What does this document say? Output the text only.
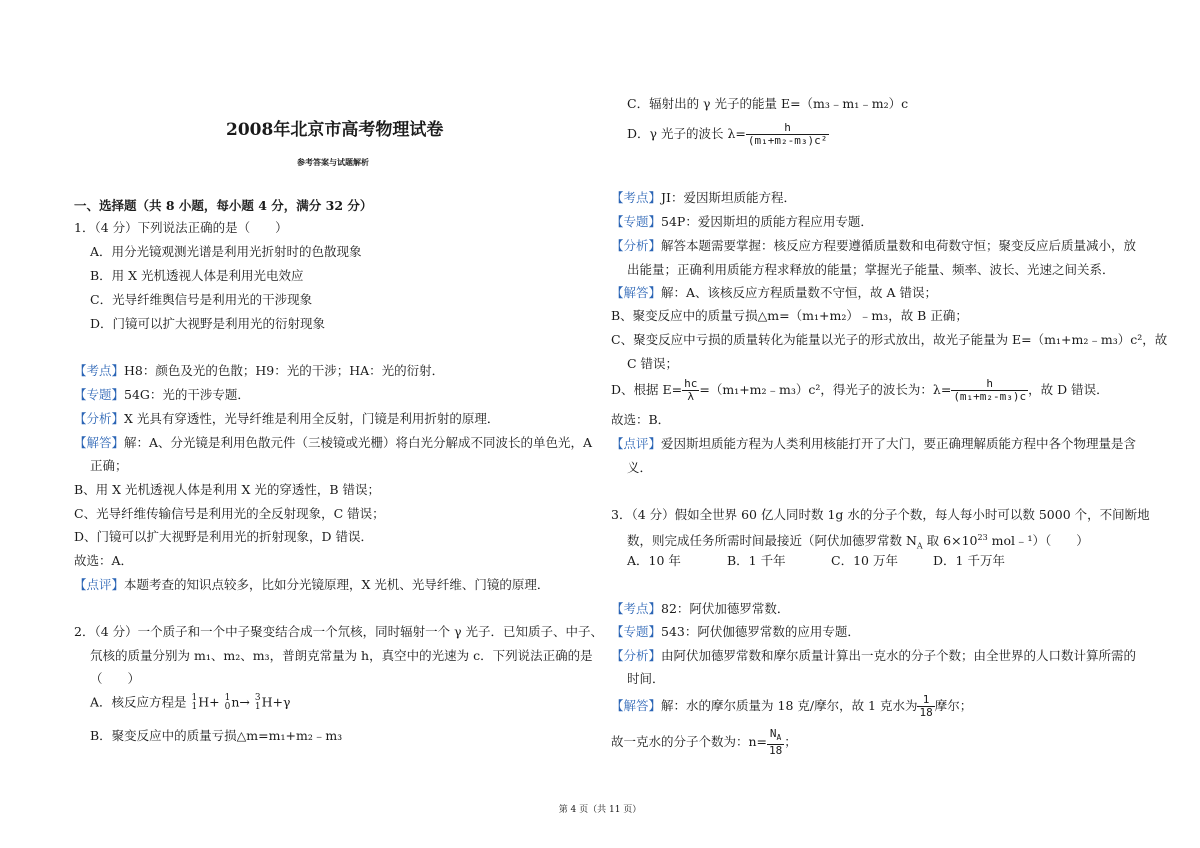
2008年北京市高考物理试卷
参考答案与试题解析
一、选择题（共 8 小题，每小题 4 分，满分 32 分）
1．（4 分）下列说法正确的是（　　）
A．用分光镜观测光谱是利用光折射时的色散现象
B．用 X 光机透视人体是利用光电效应
C．光导纤维舆信号是利用光的干涉现象
D．门镜可以扩大视野是利用光的衍射现象
【考点】H8：颜色及光的色散；H9：光的干涉；HA：光的衍射．
【专题】54G：光的干涉专题．
【分析】X 光具有穿透性，光导纤维是利用全反射，门镜是利用折射的原理．
【解答】解：A、分光镜是利用色散元件（三棱镜或光栅）将白光分解成不同波长的单色光，A
正确；
B、用 X 光机透视人体是利用 X 光的穿透性，B 错误；
C、光导纤维传输信号是利用光的全反射现象，C 错误；
D、门镜可以扩大视野是利用光的折射现象，D 错误．
故选：A．
【点评】本题考查的知识点较多，比如分光镜原理，X 光机、光导纤维、门镜的原理．
2．（4 分）一个质子和一个中子聚变结合成一个氘核，同时辐射一个 γ 光子．已知质子、中子、
氘核的质量分别为 m₁、m₂、m₃，普朗克常量为 h，真空中的光速为 c．下列说法正确的是
（　　）
A．核反应方程是 1
1 H+ 1
0 n→ 3
1 H+γ
B．聚变反应中的质量亏损△m=m₁+m₂﹣m₃
C．辐射出的 γ 光子的能量 E=（m₃﹣m₁﹣m₂）c
D．γ 光子的波长 $\lambda= \frac{h}{\text{(m₁+m₂-m₃)c²}}$
【考点】JI：爱因斯坦质能方程．
【专题】54P：爱因斯坦的质能方程应用专题．
【分析】解答本题需要掌握：核反应方程要遵循质量数和电荷数守恒；聚变反应后质量减小，放
出能量；正确利用质能方程求释放的能量；掌握光子能量、频率、波长、光速之间关系．
【解答】解：A、该核反应方程质量数不守恒，故 A 错误；
B、聚变反应中的质量亏损△m=（m₁+m₂）﹣m₃，故 B 正确；
C、聚变反应中亏损的质量转化为能量以光子的形式放出，故光子能量为 E=（m₁+m₂﹣m₃）c²，故
C 错误；
D、根据 $E= \frac{hc}{\lambda}$ =（m₁+m₂﹣m₃）c²，得光子的波长为：$\lambda= \frac{h}{\text{(m₁+m₂-m₃)c}}$ ，故 D 错误．
故选：B．
【点评】爱因斯坦质能方程为人类利用核能打开了大门，要正确理解质能方程中各个物理量是含
义．
3．（4 分）假如全世界 60 亿人同时数 1g 水的分子个数，每人每小时可以数 5000 个，不间断地
数，则完成任务所需时间最接近（阿伏加德罗常数 $N_A$ 取 $6\times 10^{23}$ mol﹣¹）（　　）
A．10 年	B．1 千年	C．10 万年	D．1 千万年
【考点】82：阿伏加德罗常数．
【专题】543：阿伏伽德罗常数的应用专题．
【分析】由阿伏加德罗常数和摩尔质量计算出一克水的分子个数；由全世界的人口数计算所需的
时间．
【解答】解：水的摩尔质量为 18 克/摩尔，故 1 克水为 $\frac{1}{18}$ 摩尔；
故一克水的分子个数为：$n= \frac{N_A}{18}$ ；
第 4 页（共 11 页）
